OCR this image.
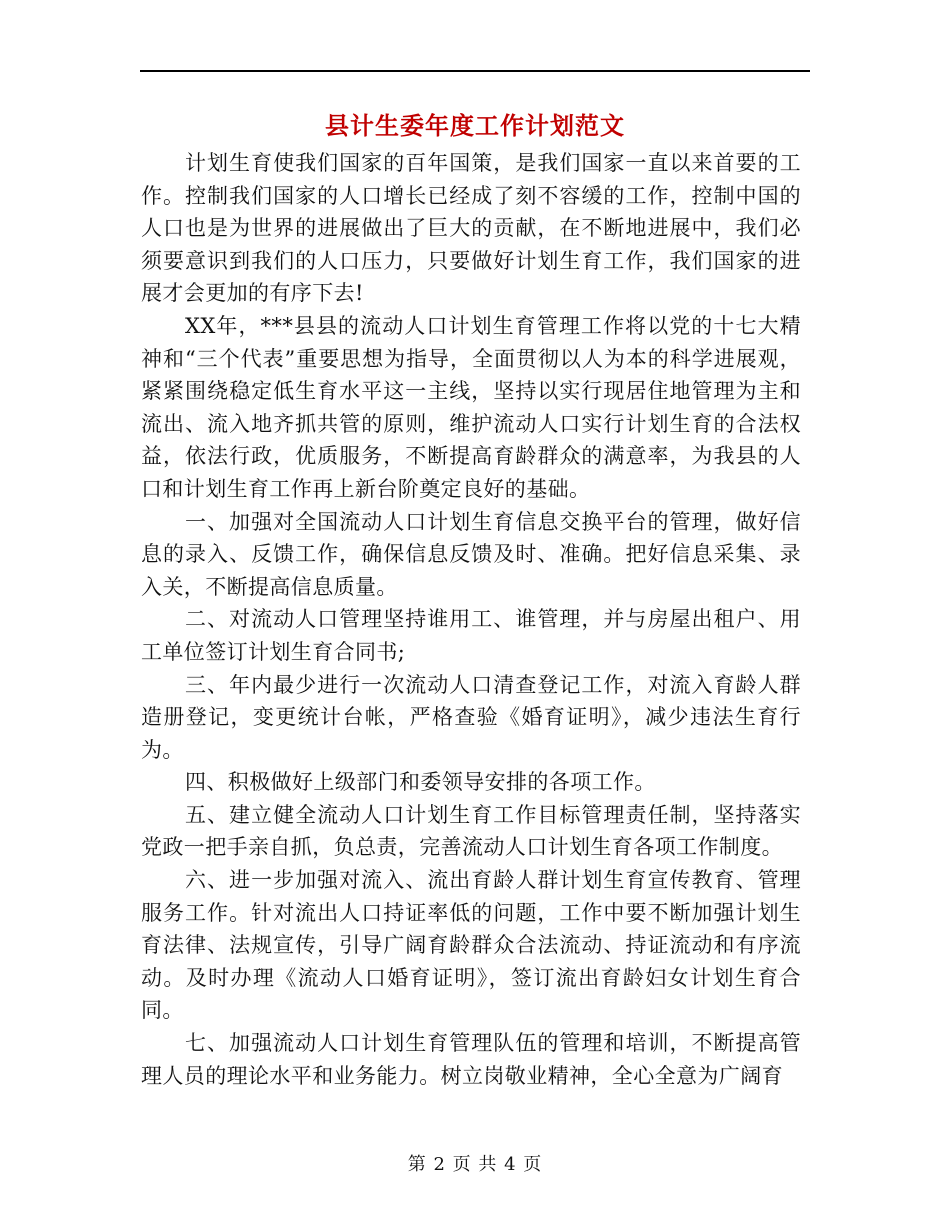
县计生委年度工作计划范文

计划生育使我们国家的百年国策，是我们国家一直以来首要的工作。控制我们国家的人口增长已经成了刻不容缓的工作，控制中国的人口也是为世界的进展做出了巨大的贡献，在不断地进展中，我们必须要意识到我们的人口压力，只要做好计划生育工作，我们国家的进展才会更加的有序下去!

XX年，***县县的流动人口计划生育管理工作将以党的十七大精神和“三个代表”重要思想为指导，全面贯彻以人为本的科学进展观，紧紧围绕稳定低生育水平这一主线，坚持以实行现居住地管理为主和流出、流入地齐抓共管的原则，维护流动人口实行计划生育的合法权益，依法行政，优质服务，不断提高育龄群众的满意率，为我县的人口和计划生育工作再上新台阶奠定良好的基础。

一、加强对全国流动人口计划生育信息交换平台的管理，做好信息的录入、反馈工作，确保信息反馈及时、准确。把好信息采集、录入关，不断提高信息质量。

二、对流动人口管理坚持谁用工、谁管理，并与房屋出租户、用工单位签订计划生育合同书;

三、年内最少进行一次流动人口清查登记工作，对流入育龄人群造册登记，变更统计台帐，严格查验《婚育证明》，减少违法生育行为。

四、积极做好上级部门和委领导安排的各项工作。

五、建立健全流动人口计划生育工作目标管理责任制，坚持落实党政一把手亲自抓，负总责，完善流动人口计划生育各项工作制度。

六、进一步加强对流入、流出育龄人群计划生育宣传教育、管理服务工作。针对流出人口持证率低的问题，工作中要不断加强计划生育法律、法规宣传，引导广阔育龄群众合法流动、持证流动和有序流动。及时办理《流动人口婚育证明》，签订流出育龄妇女计划生育合同。

七、加强流动人口计划生育管理队伍的管理和培训，不断提高管理人员的理论水平和业务能力。树立岗敬业精神，全心全意为广阔育

第 2 页 共 4 页
